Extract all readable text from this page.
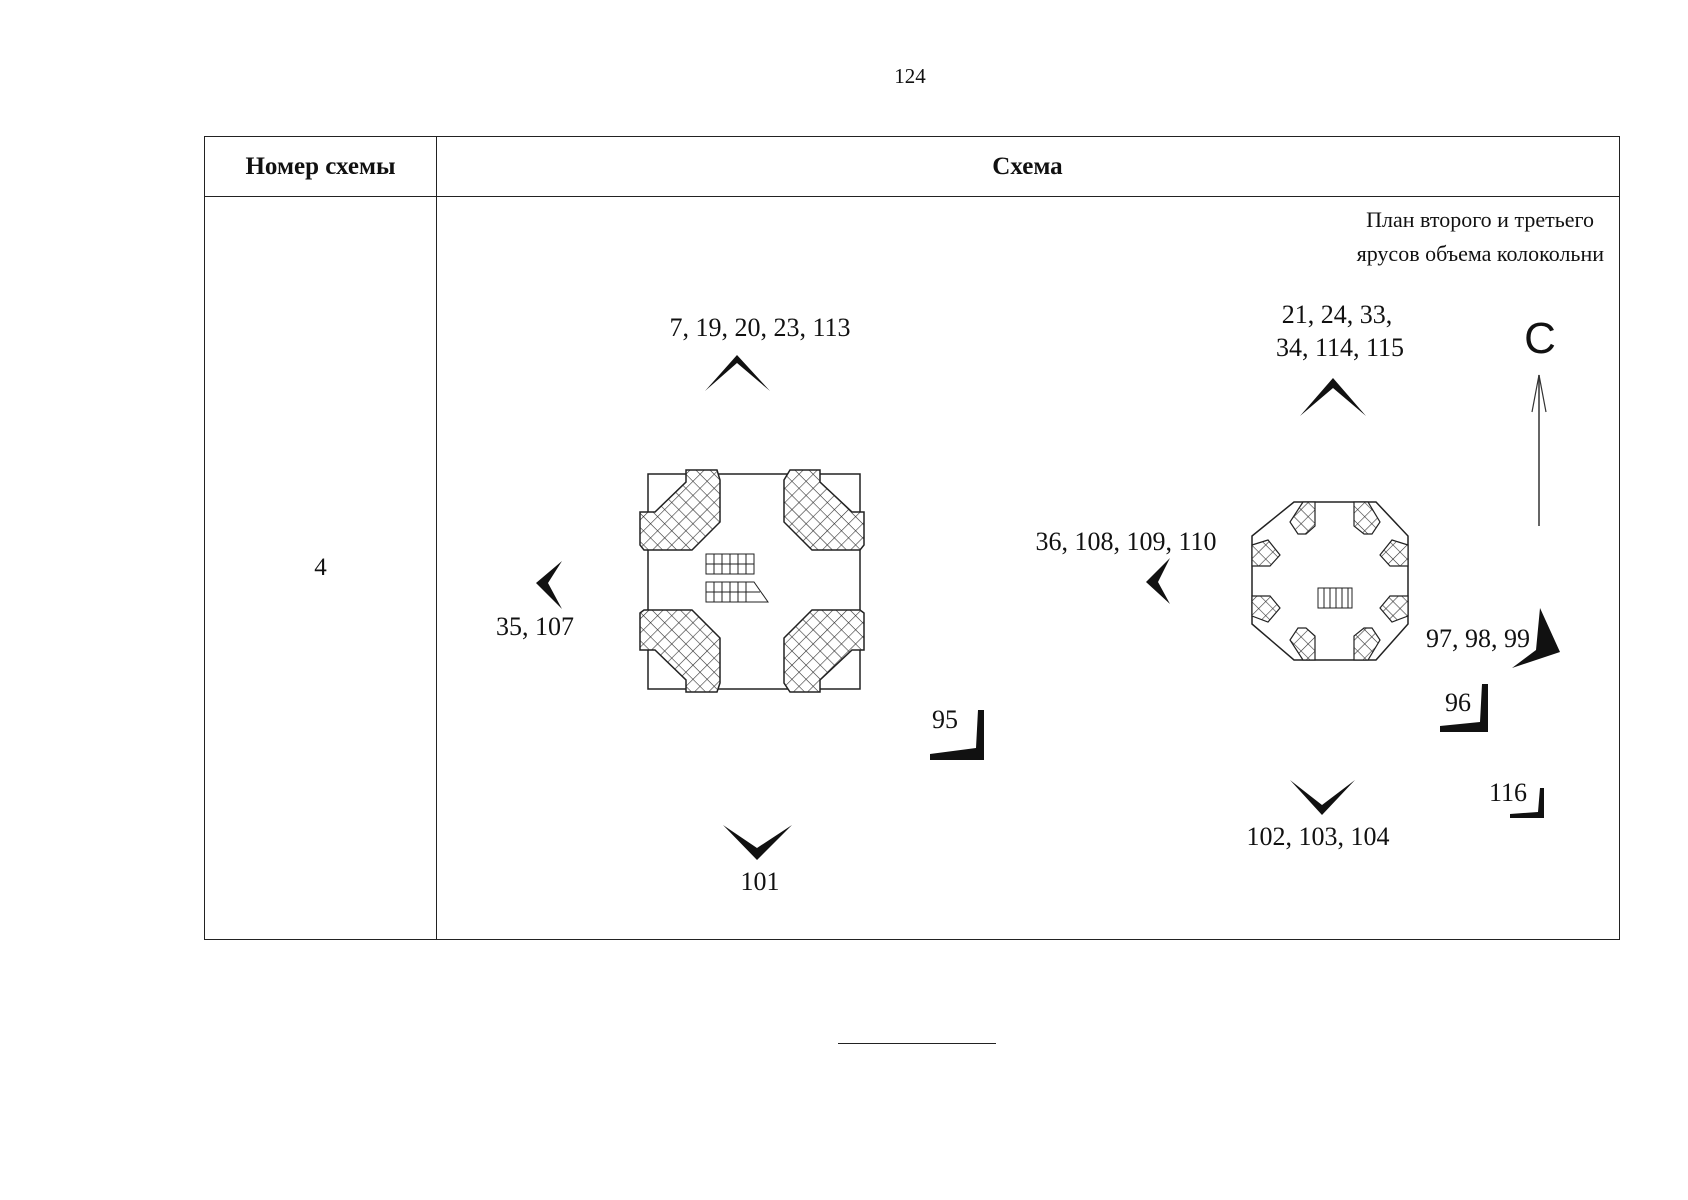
124
Номер схемы	Схема
4
План второго и третьего
ярусов объема колокольни
С
7, 19, 20, 23, 113
35, 107
95
101
21, 24, 33,
34, 114, 115
36, 108, 109, 110
97, 98, 99
96
116
102, 103, 104
